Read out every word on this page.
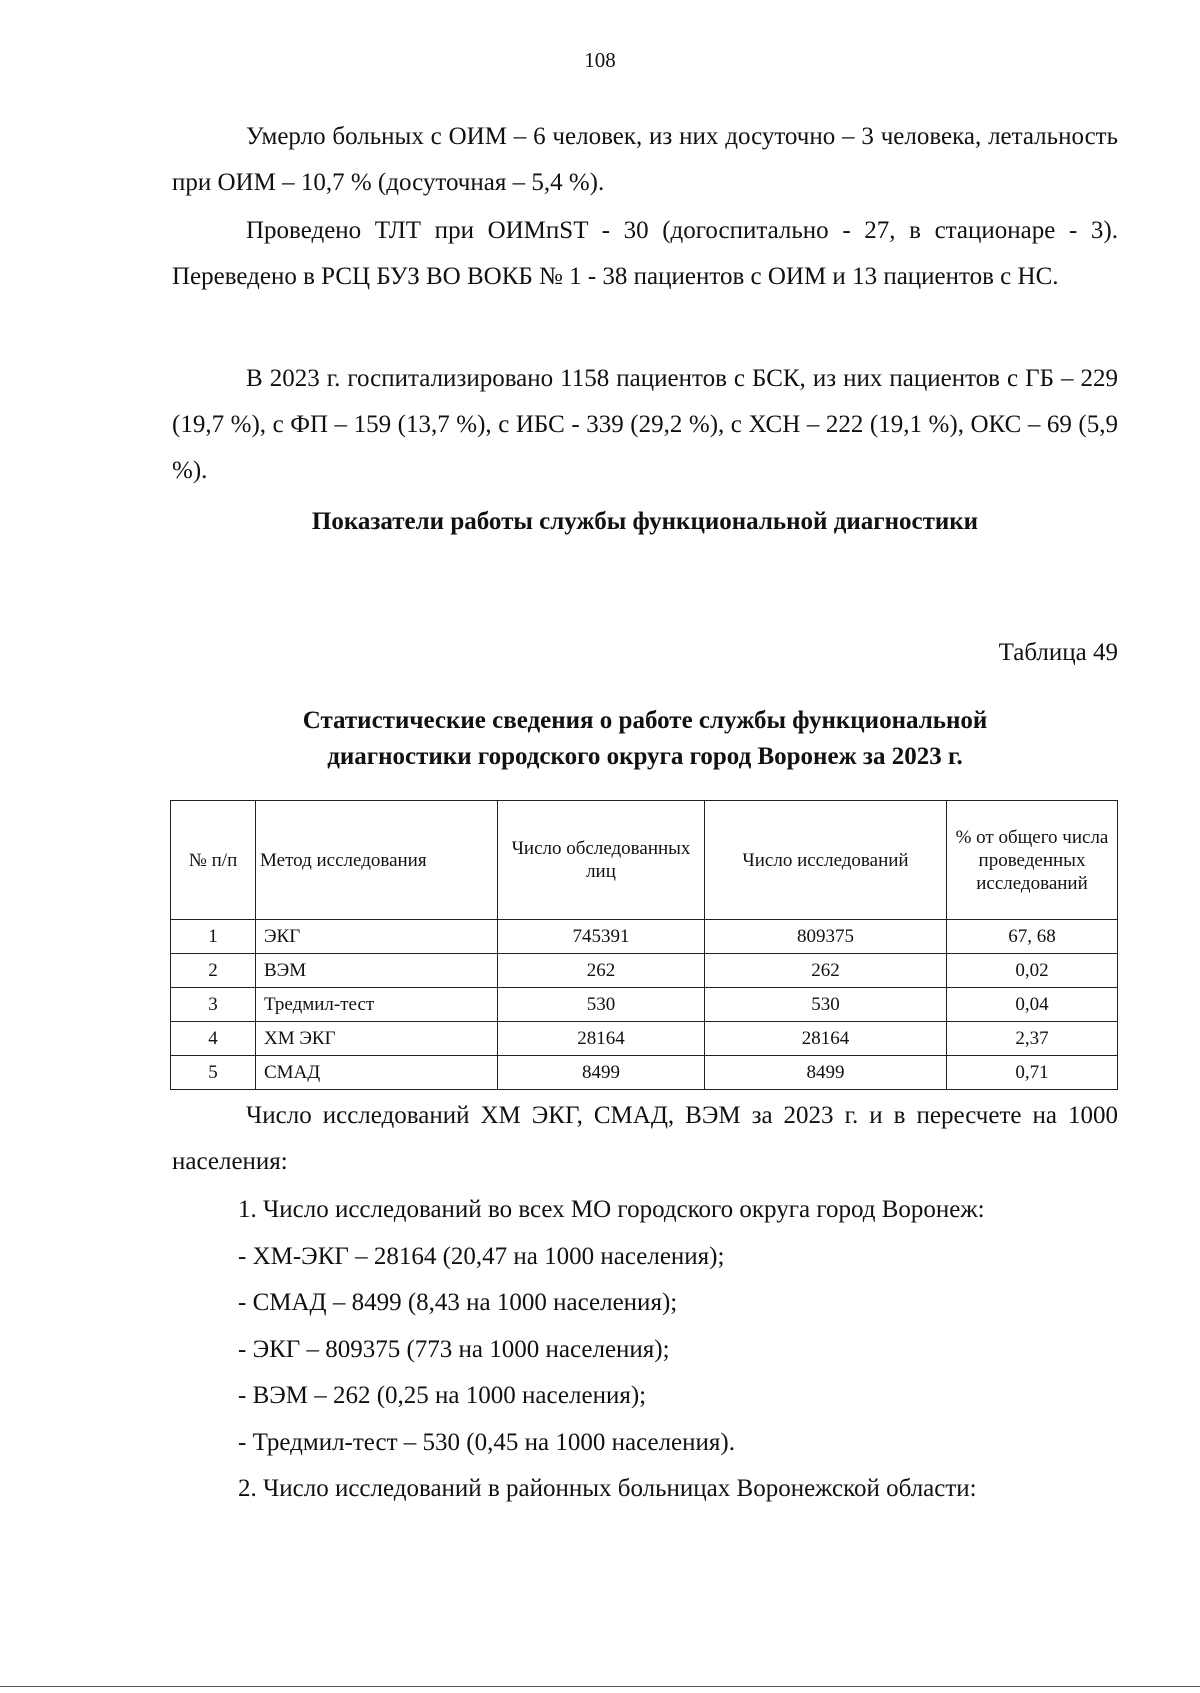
108

Умерло больных с ОИМ – 6 человек, из них досуточно – 3 человека, летальность при ОИМ – 10,7 % (досуточная – 5,4 %).

Проведено ТЛТ при ОИМпST - 30 (догоспитально - 27, в стационаре - 3). Переведено в РСЦ БУЗ ВО ВОКБ № 1 - 38 пациентов с ОИМ и 13 пациентов с НС.

В 2023 г. госпитализировано 1158 пациентов с БСК, из них пациентов с ГБ – 229 (19,7 %), с ФП – 159 (13,7 %), с ИБС - 339 (29,2 %), с ХСН – 222 (19,1 %), ОКС – 69 (5,9 %).

Показатели работы службы функциональной диагностики
Таблица 49
Статистические сведения о работе службы функциональной
диагностики городского округа город Воронеж за 2023 г.
№ п/п	Метод исследования	Число обследованных лиц	Число исследований	% от общего числа проведенных исследований
1	ЭКГ	745391	809375	67, 68
2	ВЭМ	262	262	0,02
3	Тредмил-тест	530	530	0,04
4	ХМ ЭКГ	28164	28164	2,37
5	СМАД	8499	8499	0,71

Число исследований ХМ ЭКГ, СМАД, ВЭМ за 2023 г. и в пересчете на 1000 населения:

1. Число исследований во всех МО городского округа город Воронеж:
- ХМ-ЭКГ – 28164 (20,47 на 1000 населения);
- СМАД – 8499 (8,43 на 1000 населения);
- ЭКГ – 809375 (773 на 1000 населения);
- ВЭМ – 262 (0,25 на 1000 населения);
- Тредмил-тест – 530 (0,45 на 1000 населения).
2. Число исследований в районных больницах Воронежской области:
